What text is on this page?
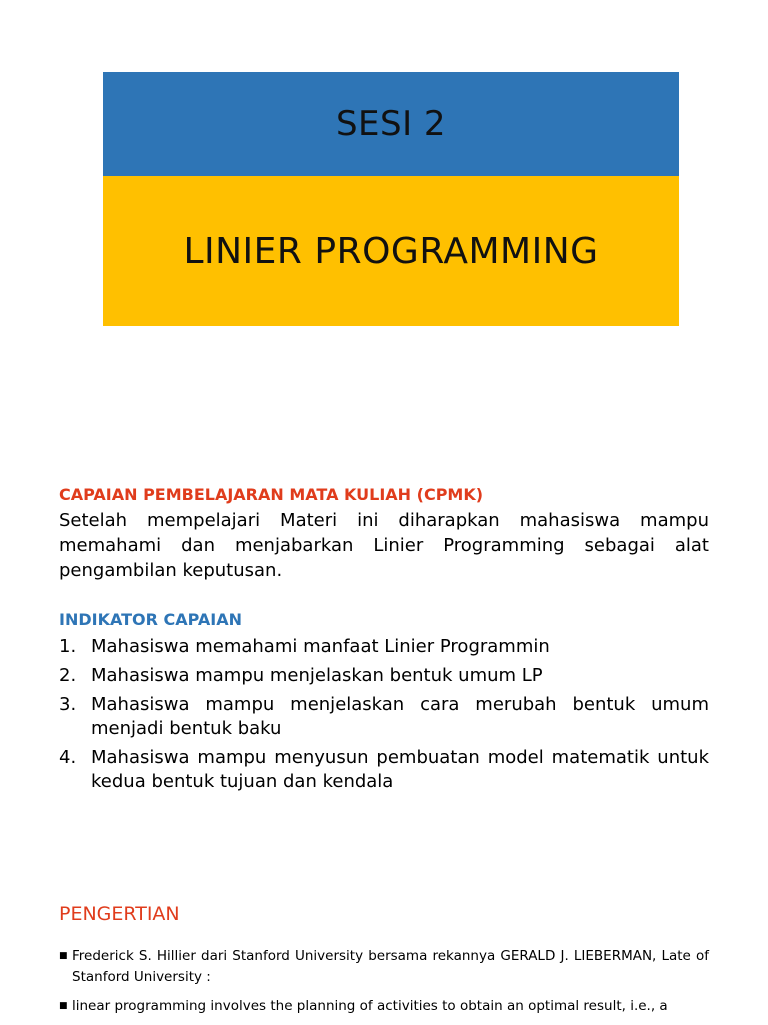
SESI 2
LINIER PROGRAMMING

CAPAIAN PEMBELAJARAN MATA KULIAH (CPMK)

Setelah mempelajari Materi ini diharapkan mahasiswa mampu memahami dan menjabarkan Linier Programming sebagai alat pengambilan keputusan.

INDIKATOR CAPAIAN

1. Mahasiswa memahami manfaat Linier Programmin
2. Mahasiswa mampu menjelaskan bentuk umum LP
3. Mahasiswa mampu menjelaskan cara merubah bentuk umum menjadi bentuk baku
4. Mahasiswa mampu menyusun pembuatan model matematik untuk kedua bentuk tujuan dan kendala

PENGERTIAN

■ Frederick S. Hillier dari Stanford University bersama rekannya GERALD J. LIEBERMAN, Late of Stanford University :
■ linear programming involves the planning of activities to obtain an optimal result, i.e., a
